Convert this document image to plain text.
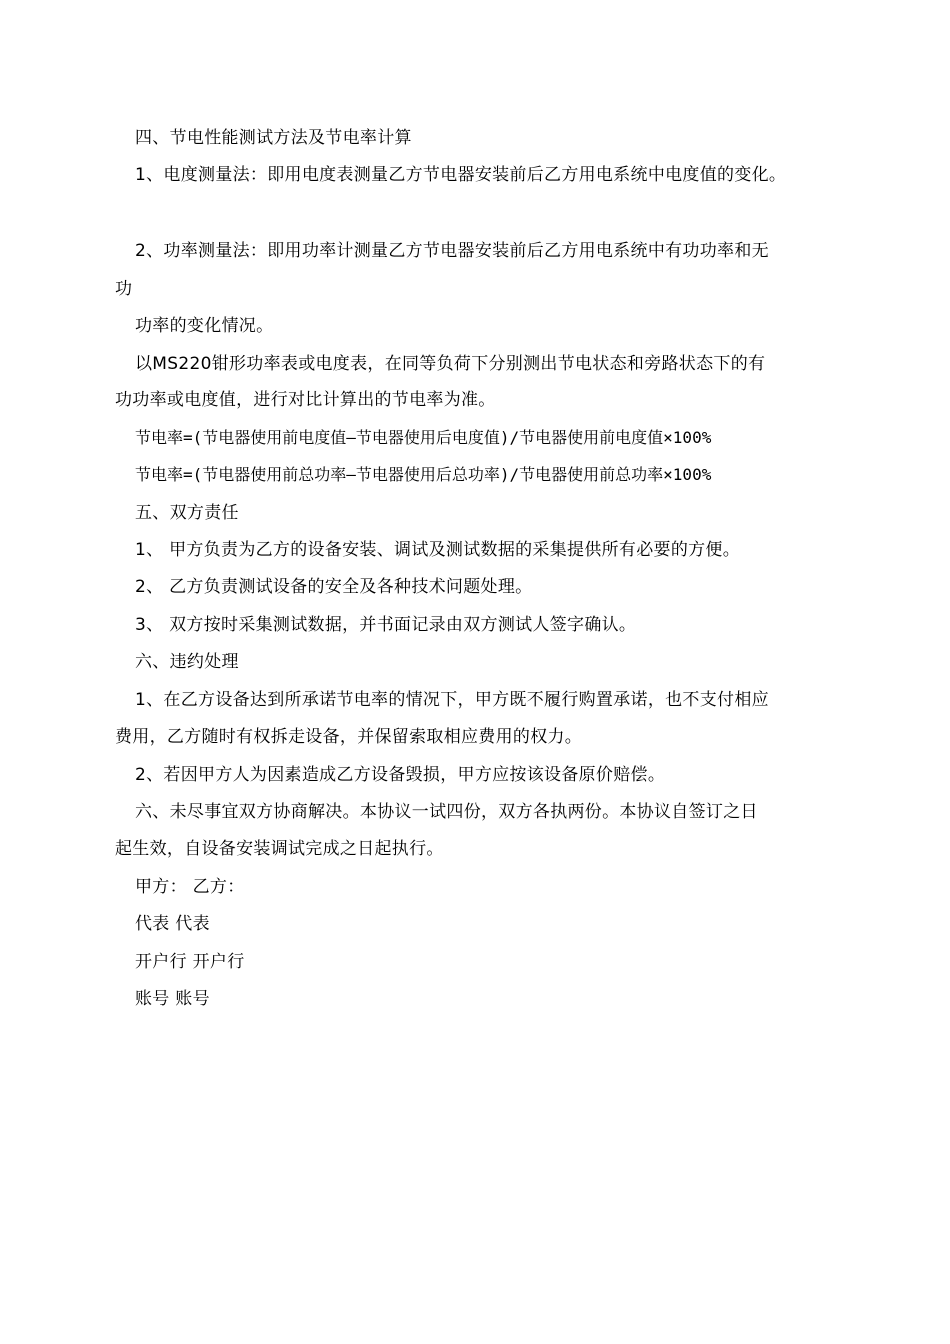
四、节电性能测试方法及节电率计算
1、电度测量法：即用电度表测量乙方节电器安装前后乙方用电系统中电度值的变化。
2、功率测量法：即用功率计测量乙方节电器安装前后乙方用电系统中有功功率和无
功
功率的变化情况。
以MS220钳形功率表或电度表，在同等负荷下分别测出节电状态和旁路状态下的有
功功率或电度值，进行对比计算出的节电率为准。
节电率=(节电器使用前电度值—节电器使用后电度值)/节电器使用前电度值×100%
节电率=(节电器使用前总功率—节电器使用后总功率)/节电器使用前总功率×100%
五、双方责任
1、 甲方负责为乙方的设备安装、调试及测试数据的采集提供所有必要的方便。
2、 乙方负责测试设备的安全及各种技术问题处理。
3、 双方按时采集测试数据，并书面记录由双方测试人签字确认。
六、违约处理
1、在乙方设备达到所承诺节电率的情况下，甲方既不履行购置承诺，也不支付相应
费用，乙方随时有权拆走设备，并保留索取相应费用的权力。
2、若因甲方人为因素造成乙方设备毁损，甲方应按该设备原价赔偿。
六、未尽事宜双方协商解决。本协议一试四份，双方各执两份。本协议自签订之日
起生效，自设备安装调试完成之日起执行。
甲方： 乙方：
代表 代表
开户行 开户行
账号 账号
